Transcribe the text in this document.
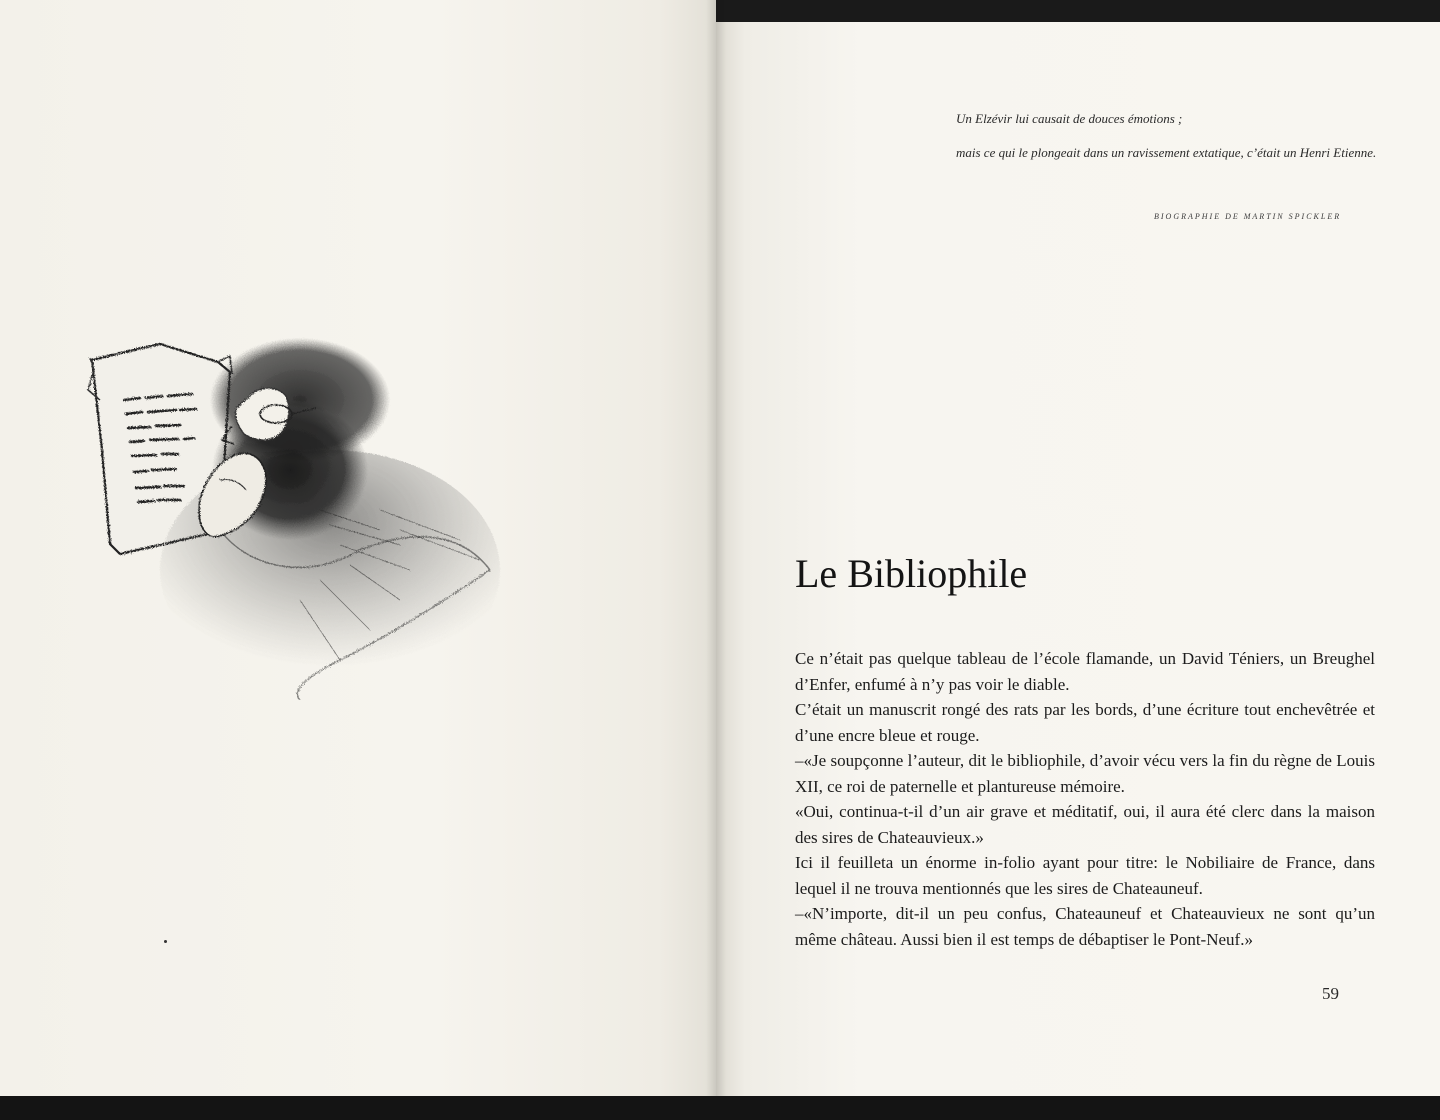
Un Elzévir lui causait de douces émotions ;

mais ce qui le plongeait dans un ravissement extatique, c’était un Henri Etienne.

BIOGRAPHIE DE MARTIN SPICKLER
Le Bibliophile

Ce n’était pas quelque tableau de l’école flamande, un David Téniers, un Breughel d’Enfer, enfumé à n’y pas voir le diable.

C’était un manuscrit rongé des rats par les bords, d’une écriture tout enchevêtrée et d’une encre bleue et rouge.

–«Je soupçonne l’auteur, dit le bibliophile, d’avoir vécu vers la fin du règne de Louis XII, ce roi de paternelle et plantureuse mémoire.

«Oui, continua-t-il d’un air grave et méditatif, oui, il aura été clerc dans la maison des sires de Chateauvieux.»

Ici il feuilleta un énorme in-folio ayant pour titre: le Nobiliaire de France, dans lequel il ne trouva mentionnés que les sires de Chateauneuf.

–«N’importe, dit-il un peu confus, Chateauneuf et Chateauvieux ne sont qu’un même château. Aussi bien il est temps de débaptiser le Pont-Neuf.»

59
